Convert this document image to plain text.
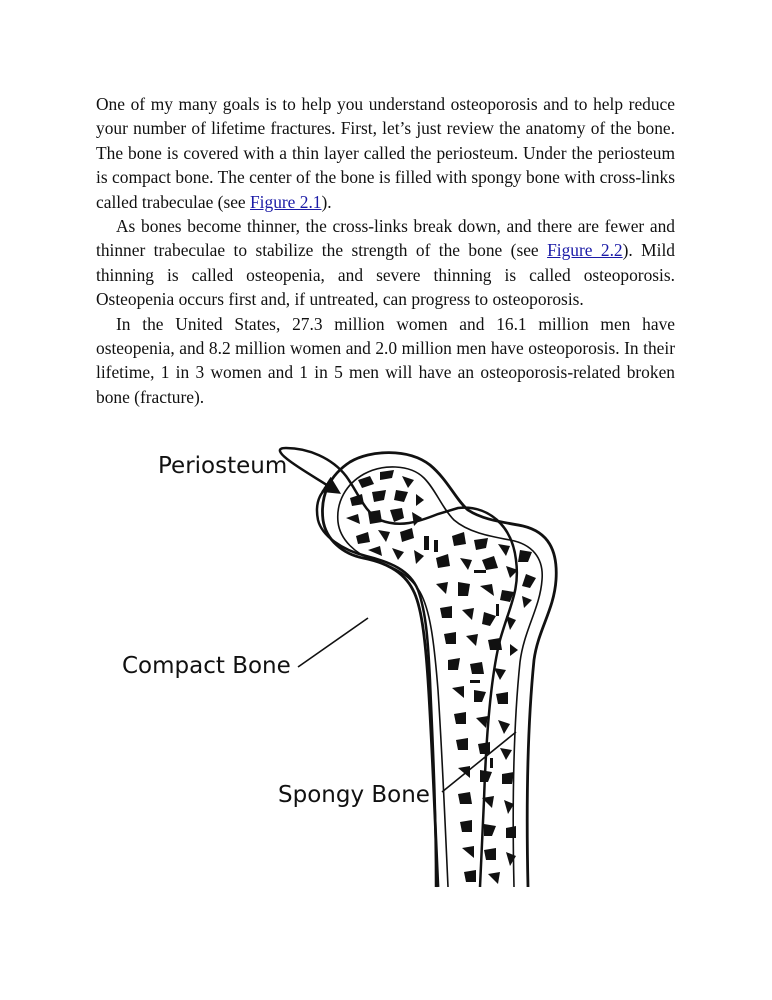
One of my many goals is to help you understand osteoporosis and to help reduce your number of lifetime fractures. First, let’s just review the anatomy of the bone. The bone is covered with a thin layer called the periosteum. Under the periosteum is compact bone. The center of the bone is filled with spongy bone with cross-links called trabeculae (see Figure 2.1).

As bones become thinner, the cross-links break down, and there are fewer and thinner trabeculae to stabilize the strength of the bone (see Figure 2.2). Mild thinning is called osteopenia, and severe thinning is called osteoporosis. Osteopenia occurs first and, if untreated, can progress to osteoporosis.

In the United States, 27.3 million women and 16.1 million men have osteopenia, and 8.2 million women and 2.0 million men have osteoporosis. In their lifetime, 1 in 3 women and 1 in 5 men will have an osteoporosis-related broken bone (fracture).

Periosteum
Compact Bone
Spongy Bone
